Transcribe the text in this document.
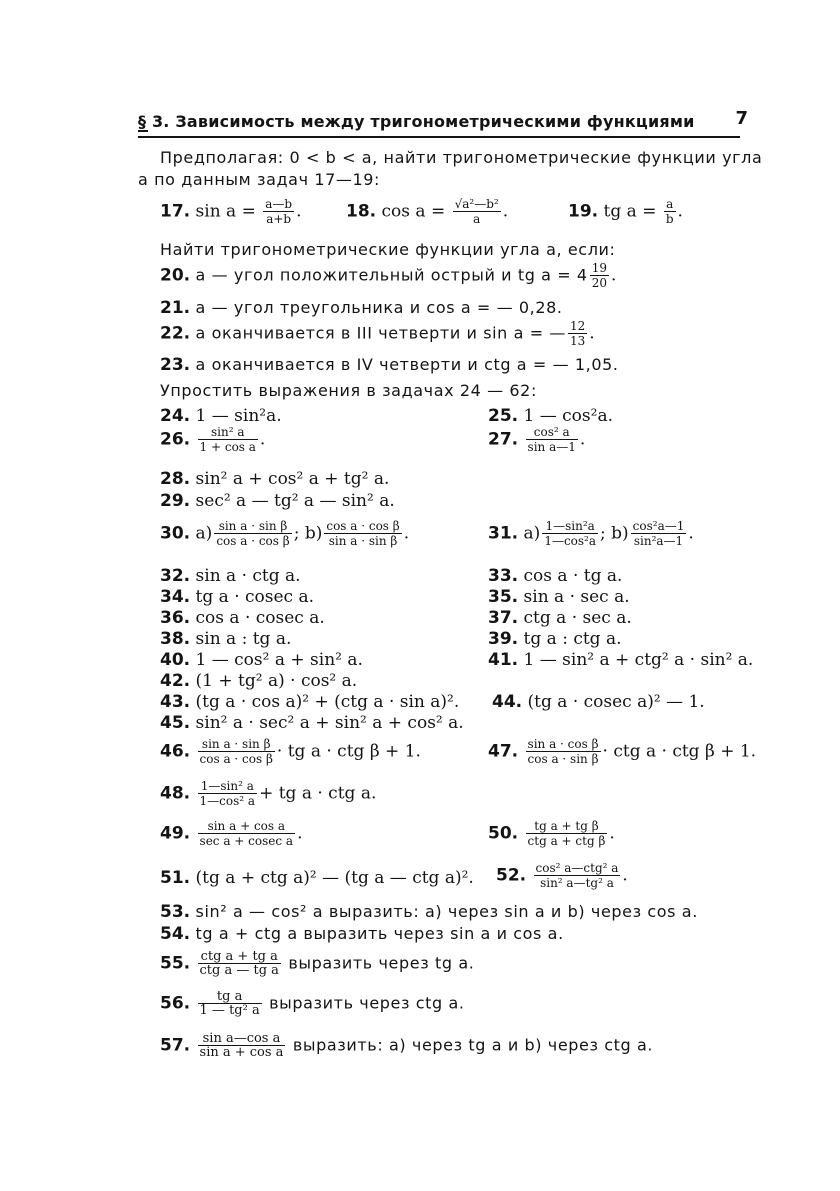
§ 3. Зависимость между тригонометрическими функциями 7
Предполагая: 0 < b < a, найти тригонометрические функции угла
a по данным задач 17—19:
17. $\sin a = \frac{a—b}{a+b}$ .	18. $\cos a = \frac{\text{√a²—b²}}{a}$ .	19. tg $a = \frac{a}{b}$ .
Найти тригонометрические функции угла a, если:
20. a — угол положительный острый и tg $a = 4 \frac{19}{20}$ .
21. a — угол треугольника и cos a = — 0,28.
22. a оканчивается в III четверти и sin a = — $\frac{12}{13}$ .
23. a оканчивается в IV четверти и ctg a = — 1,05.
Упростить выражения в задачах 24 — 62:
24. 1 — sin²a.	25. 1 — cos²a.
26. $\frac{\text{sin² a}}{\text{1 + cos a}}$ .	27. $\frac{\text{cos² a}}{\text{sin a—1}}$ .
28. sin² a + cos² a + tg² a.
29. sec² a — tg² a — sin² a.
30. $a) \frac{\text{sin a · sin β}}{\text{cos a · cos β}}$ ; $b) \frac{\text{cos a · cos β}}{\text{sin a · sin β}}$ .	31. $a) \frac{\text{1—sin²a}}{\text{1—cos²a}}$ ; $b) \frac{\text{cos²a—1}}{\text{sin²a—1}}$ .
32. sin a · ctg a.	33. cos a · tg a.
34. tg a · cosec a.	35. sin a · sec a.
36. cos a · cosec a.	37. ctg a · sec a.
38. sin a : tg a.	39. tg a : ctg a.
40. 1 — cos² a + sin² a.	41. 1 — sin² a + ctg² a · sin² a.
42. (1 + tg² a) · cos² a.
43. (tg a · cos a)² + (ctg a · sin a)². 44. (tg a · cosec a)² — 1.
45. sin² a · sec² a + sin² a + cos² a.
46. $\frac{\text{sin a · sin β}}{\text{cos a · cos β}}$ · tg a · ctg β + 1.	47. $\frac{\text{sin a · cos β}}{\text{cos a · sin β}}$ · ctg a · ctg β + 1.
48. $\frac{\text{1—sin² a}}{\text{1—cos² a}}$ + tg a · ctg a.
49. $\frac{\text{sin a + cos a}}{\text{sec a + cosec a}}$ .	50. $\frac{\text{tg a + tg β}}{\text{ctg a + ctg β}}$ .
51. (tg a + ctg a)² — (tg a — ctg a)². 52. $\frac{\text{cos² a—ctg² a}}{\text{sin² a—tg² a}}$ .
53. sin² a — cos² a выразить: a) через sin a и b) через cos a.
54. tg a + ctg a выразить через sin a и cos a.
55. $\frac{\text{ctg a + tg a}}{\text{ctg a — tg a}}$ выразить через tg a.
56. $\frac{\text{tg a}}{\text{1 — tg² a}}$ выразить через ctg a.
57. $\frac{\text{sin a—cos a}}{\text{sin a + cos a}}$ выразить: a) через tg a и b) через ctg a.
